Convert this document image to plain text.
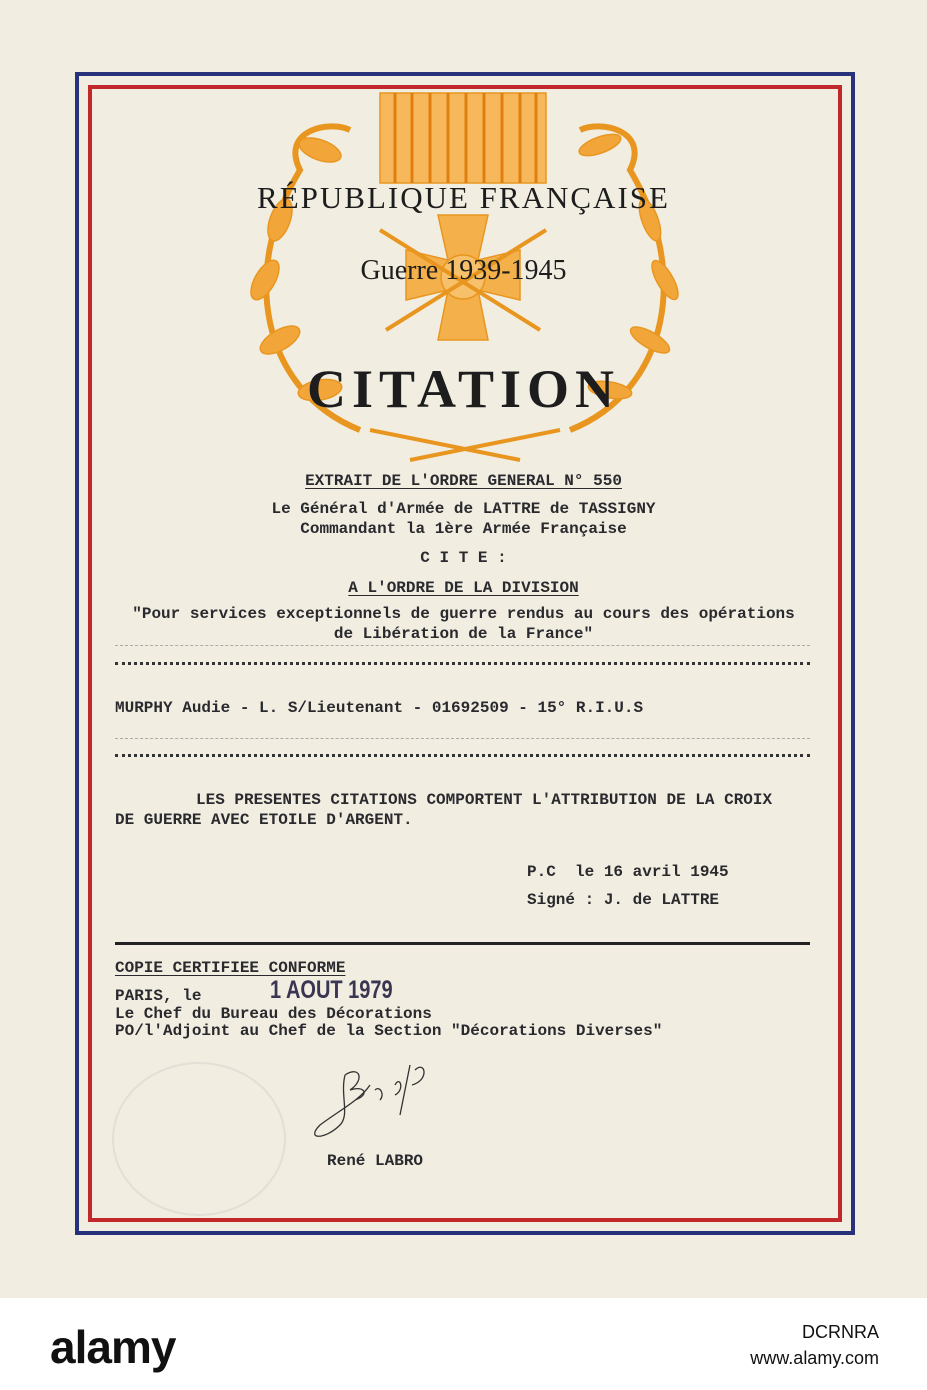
RÉPUBLIQUE FRANÇAISE
Guerre 1939-1945
CITATION
EXTRAIT DE L'ORDRE GENERAL N° 550
Le Général d'Armée de LATTRE de TASSIGNY
Commandant la 1ère Armée Française
C I T E :
A L'ORDRE DE LA DIVISION
"Pour services exceptionnels de guerre rendus au cours des opérations
de Libération de la France"
MURPHY Audie - L. S/Lieutenant - 01692509 - 15° R.I.U.S
LES PRESENTES CITATIONS COMPORTENT L'ATTRIBUTION DE LA CROIX
DE GUERRE AVEC ETOILE D'ARGENT.
P.C  le 16 avril 1945
Signé : J. de LATTRE
COPIE CERTIFIEE CONFORME
PARIS, le	1 AOUT 1979
Le Chef du Bureau des Décorations
PO/l'Adjoint au Chef de la Section "Décorations Diverses"
René LABRO
alamy	DCRNRA
www.alamy.com
